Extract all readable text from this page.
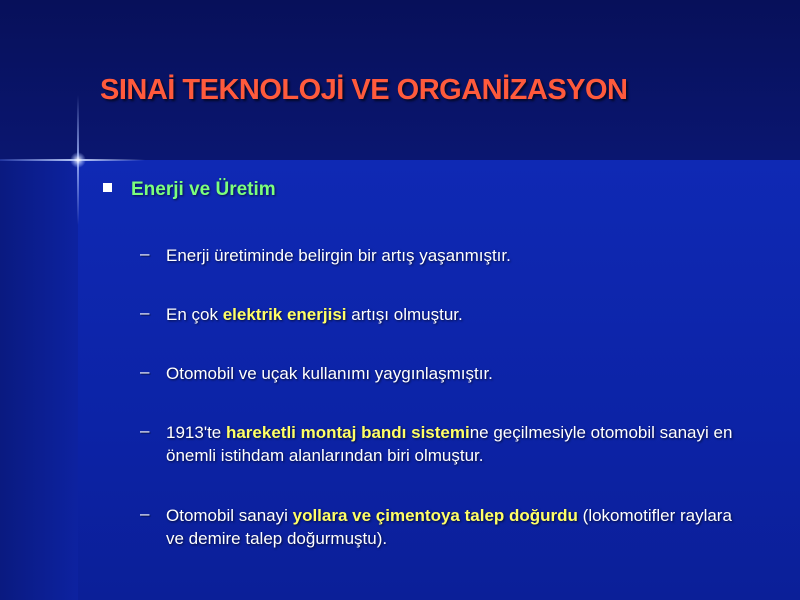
SINAİ TEKNOLOJİ VE ORGANİZASYON
Enerji ve Üretim
– Enerji üretiminde belirgin bir artış yaşanmıştır.
– En çok elektrik enerjisi artışı olmuştur.
– Otomobil ve uçak kullanımı yaygınlaşmıştır.
– 1913'te hareketli montaj bandı sistemine geçilmesiyle otomobil sanayi en önemli istihdam alanlarından biri olmuştur.
– Otomobil sanayi yollara ve çimentoya talep doğurdu (lokomotifler raylara ve demire talep doğurmuştu).
